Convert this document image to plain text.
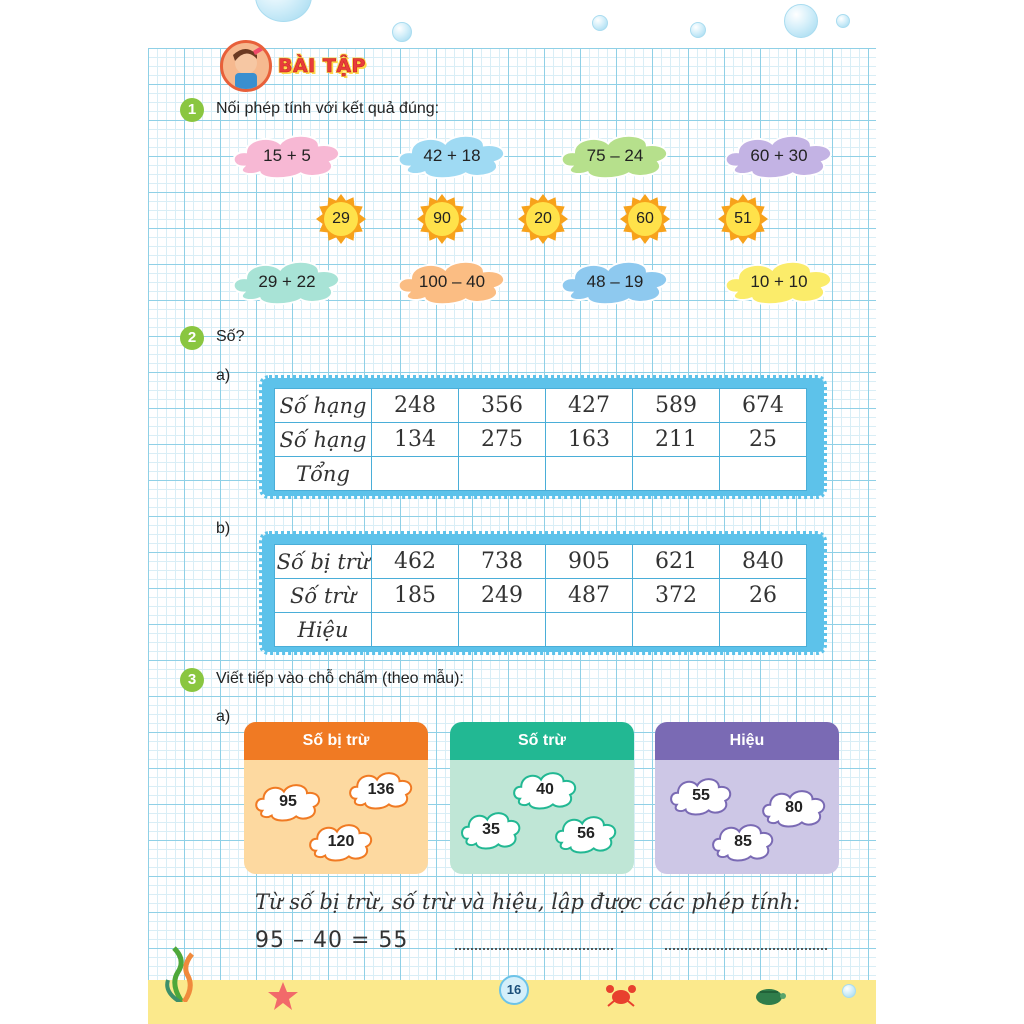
BÀI TẬP
1	Nối phép tính với kết quả đúng:
15 + 5	42 + 18	75 – 24	60 + 30
29	90	20	60	51
29 + 22	100 – 40	48 – 19	10 + 10
2	Số?
a)
Số hạng	248	356	427	589	674
Số hạng	134	275	163	211	25
Tổng					
b)
Số bị trừ	462	738	905	621	840
Số trừ	185	249	487	372	26
Hiệu					
3	Viết tiếp vào chỗ chấm (theo mẫu):
a)
Số bị trừ
95
136
120
Số trừ
40
35	56
Hiệu
55
80
85
Từ số bị trừ, số trừ và hiệu, lập được các phép tính:
95 – 40 = 55
16
